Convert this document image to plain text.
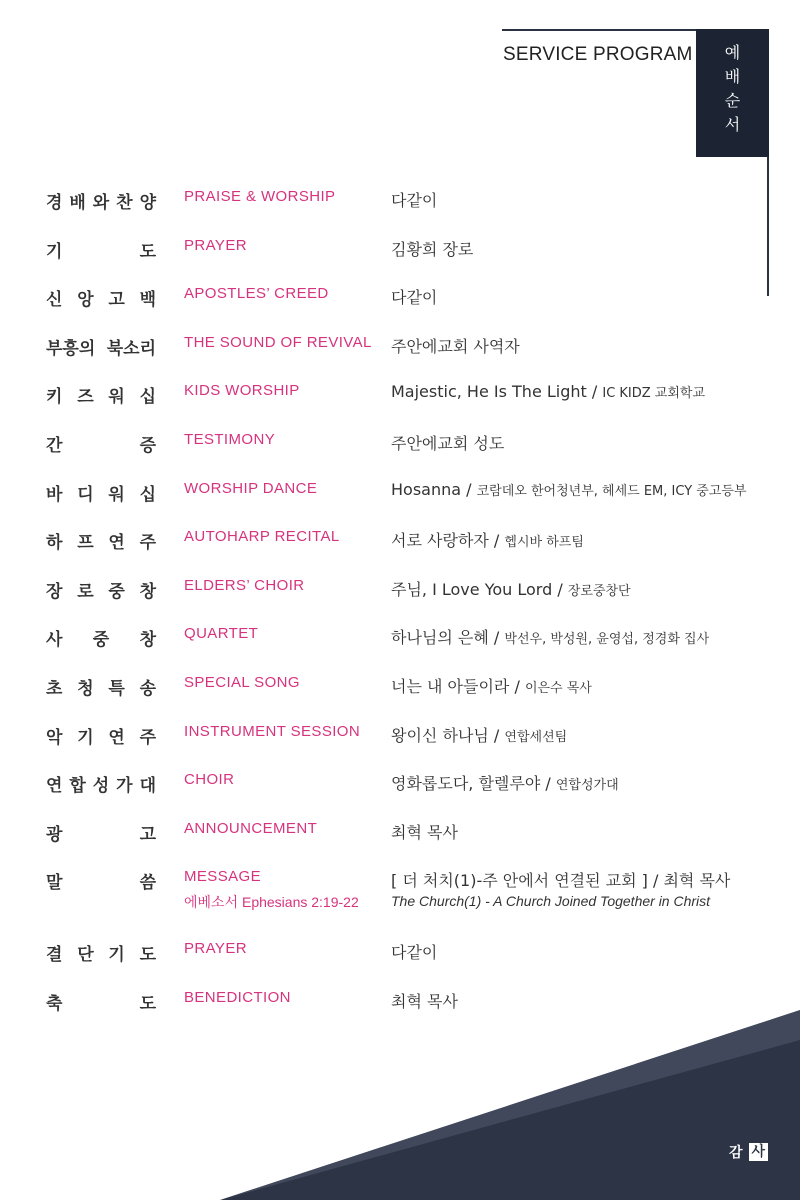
SERVICE PROGRAM	예
배
순
서
경 배 와 찬 양 PRAISE & WORSHIP	다같이
기	도 PRAYER	김황희 장로
신 앙 고 백 APOSTLES’ CREED	다같이
부흥의 북소리 THE SOUND OF REVIVAL 주안에교회 사역자
키 즈 워 십 KIDS WORSHIP	Majestic, He Is The Light / IC KIDZ 교회학교
간	증 TESTIMONY	주안에교회 성도
바 디 워 십 WORSHIP DANCE	Hosanna / 코람데오 한어청년부, 헤세드 EM, ICY 중고등부
하 프 연 주 AUTOHARP RECITAL	서로 사랑하자 / 헵시바 하프팀
장 로 중 창 ELDERS’ CHOIR	주님, I Love You Lord / 장로중창단
사 중 창 QUARTET	하나님의 은혜 / 박선우, 박성원, 윤영섭, 정경화 집사
초 청 특 송 SPECIAL SONG	너는 내 아들이라 / 이은수 목사
악 기 연 주 INSTRUMENT SESSION 왕이신 하나님 / 연합세션팀
연 합 성 가 대 CHOIR	영화롭도다, 할렐루야 / 연합성가대
광	고 ANNOUNCEMENT	최혁 목사
말	씀 MESSAGE
에베소서 Ephesians 2:19-22
[ 더 처치(1)-주 안에서 연결된 교회 ] / 최혁 목사
The Church(1) - A Church Joined Together in Christ
결 단 기 도 PRAYER	다같이
축	도 BENEDICTION	최혁 목사
감 사
